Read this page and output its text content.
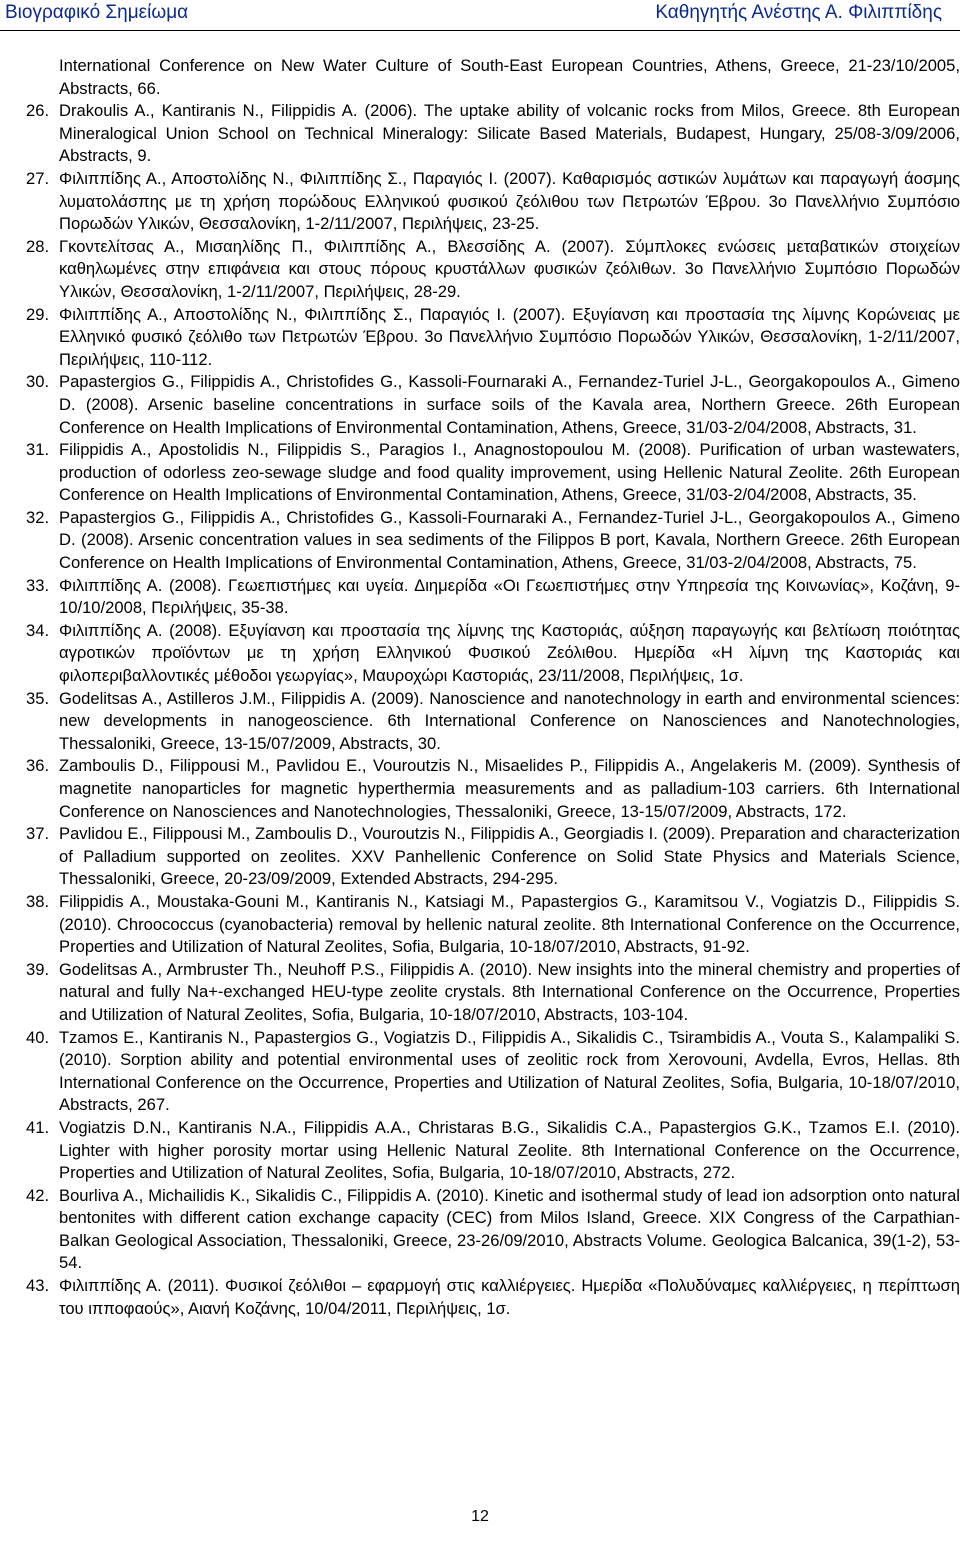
Βιογραφικό Σημείωμα	Καθηγητής Ανέστης Α. Φιλιππίδης
International Conference on New Water Culture of South-East European Countries, Athens, Greece, 21-23/10/2005, Abstracts, 66.
26. Drakoulis A., Kantiranis N., Filippidis A. (2006). The uptake ability of volcanic rocks from Milos, Greece. 8th European Mineralogical Union School on Technical Mineralogy: Silicate Based Materials, Budapest, Hungary, 25/08-3/09/2006, Abstracts, 9.
27. Φιλιππίδης Α., Αποστολίδης Ν., Φιλιππίδης Σ., Παραγιός Ι. (2007). Καθαρισμός αστικών λυμάτων και παραγωγή άοσμης λυματολάσπης με τη χρήση πορώδους Ελληνικού φυσικού ζεόλιθου των Πετρωτών Έβρου. 3ο Πανελλήνιο Συμπόσιο Πορωδών Υλικών, Θεσσαλονίκη, 1-2/11/2007, Περιλήψεις, 23-25.
28. Γκοντελίτσας Α., Μισαηλίδης Π., Φιλιππίδης Α., Βλεσσίδης Α. (2007). Σύμπλοκες ενώσεις μεταβατικών στοιχείων καθηλωμένες στην επιφάνεια και στους πόρους κρυστάλλων φυσικών ζεόλιθων. 3ο Πανελλήνιο Συμπόσιο Πορωδών Υλικών, Θεσσαλονίκη, 1-2/11/2007, Περιλήψεις, 28-29.
29. Φιλιππίδης Α., Αποστολίδης Ν., Φιλιππίδης Σ., Παραγιός Ι. (2007). Εξυγίανση και προστασία της λίμνης Κορώνειας με Ελληνικό φυσικό ζεόλιθο των Πετρωτών Έβρου. 3ο Πανελλήνιο Συμπόσιο Πορωδών Υλικών, Θεσσαλονίκη, 1-2/11/2007, Περιλήψεις, 110-112.
30. Papastergios G., Filippidis A., Christofides G., Kassoli-Fournaraki A., Fernandez-Turiel J-L., Georgakopoulos A., Gimeno D. (2008). Arsenic baseline concentrations in surface soils of the Kavala area, Northern Greece. 26th European Conference on Health Implications of Environmental Contamination, Athens, Greece, 31/03-2/04/2008, Abstracts, 31.
31. Filippidis A., Apostolidis N., Filippidis S., Paragios I., Anagnostopoulou M. (2008). Purification of urban wastewaters, production of odorless zeo-sewage sludge and food quality improvement, using Hellenic Natural Zeolite. 26th European Conference on Health Implications of Environmental Contamination, Athens, Greece, 31/03-2/04/2008, Abstracts, 35.
32. Papastergios G., Filippidis A., Christofides G., Kassoli-Fournaraki A., Fernandez-Turiel J-L., Georgakopoulos A., Gimeno D. (2008). Arsenic concentration values in sea sediments of the Filippos B port, Kavala, Northern Greece. 26th European Conference on Health Implications of Environmental Contamination, Athens, Greece, 31/03-2/04/2008, Abstracts, 75.
33. Φιλιππίδης Α. (2008). Γεωεπιστήμες και υγεία. Διημερίδα «Οι Γεωεπιστήμες στην Υπηρεσία της Κοινωνίας», Κοζάνη, 9-10/10/2008, Περιλήψεις, 35-38.
34. Φιλιππίδης Α. (2008). Εξυγίανση και προστασία της λίμνης της Καστοριάς, αύξηση παραγωγής και βελτίωση ποιότητας αγροτικών προϊόντων με τη χρήση Ελληνικού Φυσικού Ζεόλιθου. Ημερίδα «Η λίμνη της Καστοριάς και φιλοπεριβαλλοντικές μέθοδοι γεωργίας», Μαυροχώρι Καστοριάς, 23/11/2008, Περιλήψεις, 1σ.
35. Godelitsas A., Astilleros J.M., Filippidis A. (2009). Nanoscience and nanotechnology in earth and environmental sciences: new developments in nanogeoscience. 6th International Conference on Nanosciences and Nanotechnologies, Thessaloniki, Greece, 13-15/07/2009, Abstracts, 30.
36. Zamboulis D., Filippousi M., Pavlidou E., Vouroutzis N., Misaelides P., Filippidis A., Angelakeris M. (2009). Synthesis of magnetite nanoparticles for magnetic hyperthermia measurements and as palladium-103 carriers. 6th International Conference on Nanosciences and Nanotechnologies, Thessaloniki, Greece, 13-15/07/2009, Abstracts, 172.
37. Pavlidou E., Filippousi M., Zamboulis D., Vouroutzis N., Filippidis A., Georgiadis I. (2009). Preparation and characterization of Palladium supported on zeolites. XXV Panhellenic Conference on Solid State Physics and Materials Science, Thessaloniki, Greece, 20-23/09/2009, Extended Abstracts, 294-295.
38. Filippidis A., Moustaka-Gouni M., Kantiranis N., Katsiagi M., Papastergios G., Karamitsou V., Vogiatzis D., Filippidis S. (2010). Chroococcus (cyanobacteria) removal by hellenic natural zeolite. 8th International Conference on the Occurrence, Properties and Utilization of Natural Zeolites, Sofia, Bulgaria, 10-18/07/2010, Abstracts, 91-92.
39. Godelitsas A., Armbruster Th., Neuhoff P.S., Filippidis A. (2010). New insights into the mineral chemistry and properties of natural and fully Na+-exchanged HEU-type zeolite crystals. 8th International Conference on the Occurrence, Properties and Utilization of Natural Zeolites, Sofia, Bulgaria, 10-18/07/2010, Abstracts, 103-104.
40. Tzamos E., Kantiranis N., Papastergios G., Vogiatzis D., Filippidis A., Sikalidis C., Tsirambidis A., Vouta S., Kalampaliki S. (2010). Sorption ability and potential environmental uses of zeolitic rock from Xerovouni, Avdella, Evros, Hellas. 8th International Conference on the Occurrence, Properties and Utilization of Natural Zeolites, Sofia, Bulgaria, 10-18/07/2010, Abstracts, 267.
41. Vogiatzis D.N., Kantiranis N.A., Filippidis A.A., Christaras B.G., Sikalidis C.A., Papastergios G.K., Tzamos E.I. (2010). Lighter with higher porosity mortar using Hellenic Natural Zeolite. 8th International Conference on the Occurrence, Properties and Utilization of Natural Zeolites, Sofia, Bulgaria, 10-18/07/2010, Abstracts, 272.
42. Bourliva A., Michailidis K., Sikalidis C., Filippidis A. (2010). Kinetic and isothermal study of lead ion adsorption onto natural bentonites with different cation exchange capacity (CEC) from Milos Island, Greece. XIX Congress of the Carpathian-Balkan Geological Association, Thessaloniki, Greece, 23-26/09/2010, Abstracts Volume. Geologica Balcanica, 39(1-2), 53-54.
43. Φιλιππίδης Α. (2011). Φυσικοί ζεόλιθοι – εφαρμογή στις καλλιέργειες. Ημερίδα «Πολυδύναμες καλλιέργειες, η περίπτωση του ιπποφαούς», Αιανή Κοζάνης, 10/04/2011, Περιλήψεις, 1σ.
12
